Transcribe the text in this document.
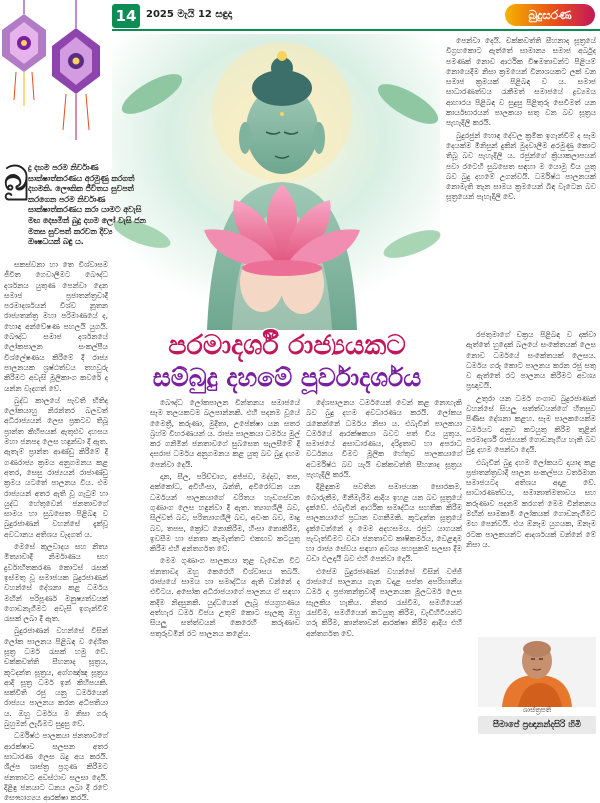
14 2025 මැයි 12 සඳුදා	බුදුසරණ
බු දු දහම පරම නිර්වාණ සාක්ෂාත්කරණය අරමුණු කරගත් දහමකි. ලෞකික ජීවිතය සුවපත් කරගෙන පරම නිර්වාණ සාක්ෂාත්කරණය කරා යාමට අවැසි මඟ දෙසමින් බුදු දහම ලෝ වැසි ජන මනස සුවපත් කරවන දිව්‍ය ඖෂධයක් බඳු ය.

සකස්වනා හා තෙ විශ්වාසම ජීවිත ගෙවාලීමට බෞද්ධ දර්ශනය යුතුණ පෙන්වා දෙන සමාජ ප්‍රජාතන්ත්‍රවාදී පරමාදර්ශයන් විශ්ව නූතන රාජ්‍යතන්ත්‍ර මහා පරිමාණයේ ද, හොඳ අන්වේෂණ පහලයි යුගයි. බෞද්ධ සමාජ දර්ශනයේ ලෝකපාලන සංකල්පීය විශ්ලේෂණය කිරීමේ දී රාජ්‍ය පාලනයක ශ්‍රෂ්ඨත්වය තහවුරු කිරීමට අවැසි මූලිකාංග කවරේ ද යන්න වැදගත් වේ.

බුද්ධ කාලයේ පැවති භිතිද ලෝකයාහු නිරන්තර බලවත් අධිරාජ්‍යයන් ලෙස ප්‍රකටව තිබූ ප්‍රාන්ත කිහිපයක් ඇතුළුව දහසය මහා ජනපද ලෙස හඳුන්වා දී ඇත. ඇතැම් ප්‍රාන්ත ආණ්ඩු කිරීමේ දී ගණරාජ්‍ය ක්‍රමය අනුගමනය කළ අතර, සෙසු රාජ්‍යයන් රාජාණ්ඩු ක්‍රමය යටතේ පාලනය විය. එම රාජ්‍යයන් අතර ඇති වූ ගැටුම් හා යුද්ධ හේතුවෙන් ජනතාවගේ සාමය හා සුබසෙත පිළිබඳ ව බුදුරජාණන් වහන්සේ දැක්වූ අවධානය අතිශය වැදගත් ය.

මෙසේ කුලවාදය සහ නිත්‍ය මිත්‍යාවාදී නිර්මාණය සහ දුර්වාහිතකරණ කොටස් රැසක් ඉස්මතු වූ සමාජයක බුදුරජාණන් වහන්සේ දේශනා කළ ධර්මය මඟින් පරිපූර්ණ මනුෂ්‍යත්වයක් ගොඩනැගීමට අවැසි ඉගැන්වීම් රැසක් ලබා දී ඇත.

බුදුරජාණන් වහන්සේ විසින් ලෝක පාලනය පිළිබඳ ව දේශිත සූත්‍ර ධර්ම රැසක් හමු වේ. චක්කවත්ති සීහනාද සූත්‍රය, කූටදන්ත සූත්‍රය, අග්ගඤ්ඤ සූත්‍රය ආදි සූත්‍ර ධර්ම ඉන් කිහිපයකි. සක්විති රජු යනු ධර්මයෙන් රාජ්‍යය පාලනය කරන අධිපතියා ය. ඔහු ධර්මය ම නිසා ගරු බුහුමන් ලැබීමට සුදුසු වේ.

ධර්මිෂ්ඨ පාලකයා ජනතාවගේ ආරක්ෂාව සලසන අතර සාධාරණ ලෙස බදු අය කරයි. ශිල්ප ශාස්ත්‍ර ප්‍රගුණ කිරීමට ජනතාවට අවස්ථාව සලසා දෙයි. දිළිඳු ජනයාට ධනය ලබා දී රටේ සෞභාග්‍යය ආරක්ෂා කරයි.

පරමාදර්ශී රාජ්‍යයකට
සම්බුදු දහමේ පූර්වාදර්ශය

බෞද්ධ ලෝකපාලන චින්තනය සමාජයේ සෑම තලයකටම බලපාන්නකි. එහි පදනම වූයේ මෛත්‍රී, කරුණා, මුදිතා, උපේක්ෂා යන සතර බ්‍රහ්ම විහරණයන් ය. රාජ්‍ය පාලකයා ධර්මය මුල් කර ගනිමින් ජනතාවගේ සුබසෙත සැලසීමේ දී දසරාජ ධර්මය අනුගමනය කළ යුතු බව බුදු දහම පෙන්වා දෙයි.

දාන, සීල, පරිච්චාග, අජ්ජව, මද්දව, තප, අක්කෝධ, අවිහිංසා, ඛන්ති, අවිරෝධන යන ධර්මයන් පාලකයාගේ චරිතය හැඩගස්වන ගුණාංග ලෙස හඳුන්වා දී ඇත. ත්‍යාගශීලී බව, සිල්වත් බව, පරිත්‍යාගශීලී බව, අවංක බව, මෘදු බව, තපස, ක්‍රෝධ නොකිරීම, හිංසා නොකිරීම, ඉවසීම හා ජනතා කැමැත්තට එකඟව කටයුතු කිරීම එහි අන්තර්ගත වේ.

මෙම ගුණාංග පාලකයා තුළ වැඩෙන විට ජනතාවද ඔහු කෙරෙහි විශ්වාසය තබයි. රාජ්‍යයේ සාමය හා සමෘද්ධිය ඇති වන්නේ ද එවිටය. අසෝක අධිරාජයාගේ පාලනය ඒ සඳහා කදිම නිදසුනකි. යුද්ධයෙන් ලැබූ ජයග්‍රහණය අත්හැර ධර්ම විජය උතුම් කොට සැලකූ ඔහු සියලු සත්ත්වයන් කෙරෙහි කරුණාව පතුරුවමින් රට පාලනය කළේය.

දේශපාලනය ධර්මයෙන් වෙන් කළ නොහැකි බව බුදු දහම අවධාරණය කරයි. ලෝකය රැකෙන්නේ ධර්මය නිසා ය. එබැවින් පාලකයා ධර්මයේ ආරක්ෂකයා බවට පත් විය යුතුය. සමාජයේ අසාධාරණය, දරිද්‍රතාව හා අපරාධ වර්ධනය වීමට මූලික හේතුව පාලකයාගේ අධර්මිෂ්ඨ බව යැයි චක්කවත්ති සීහනාද සූත්‍රය පැහැදිලි කරයි.

දිළිඳුකම පවතින සමාජයක සොරකම, බොරුකීම, මිනීමැරීම ආදිය ඉහළ යන බව සූත්‍රයේ දැක්වේ. එබැවින් ආර්ථික සමෘද්ධිය සහතික කිරීම පාලකයාගේ ප්‍රධාන වගකීමකි. කූටදන්ත සූත්‍රයේ දැක්වෙන්නේ ද මෙම අදහසමය. රජුට යාගයක් පැවැත්වීමට වඩා ජනතාවට කෘෂිකර්මය, වෙළඳාම හා රාජ්‍ය සේවය සඳහා අවශ්‍ය පහසුකම් සලසා දීම වඩා ඵලදායී බව එහි පෙන්වා දෙයි.

එසේම බුදුරජාණන් වහන්සේ විසින් වජ්ජි රාජ්‍යයේ පාලනය ගැන වදාළ සප්ත අපරිහානීය ධර්ම ද ප්‍රජාතන්ත්‍රවාදී පාලනයක මූලධර්ම ලෙස සැලකිය හැකිය. නිතර රැස්වීම, සමගියෙන් රැස්වීම, සමගියෙන් කටයුතු කිරීම, වැඩිහිටියන්ට ගරු කිරීම, කාන්තාවන් ආරක්ෂා කිරීම ආදිය එහි අන්තර්ගත වේ.

පෙන්වා දෙයි. චක්කවත්ති සීහනාද සූත්‍රයේ විග්‍රහකොට ඇත්තේ සාමාන්‍ය සමාජ අර්බුද පමණක් නොව ආර්ථික විෂමතාවන්ට පිළියම් නොයෙදීම නිසා ක්‍රමයෙන් විනාශයකට ලක් වන සමාජ ක්‍රමයක් පිළිබඳ ව ය. සමාජ සාධාරණත්වය රැකීමත් සමාජයේ ද්‍රව්‍යමය ආහාරය පිළිබඳ ව සුදුසු පිළිතුරු සෙවීමත් යන කාර්යභාරයන් පාලකයා සතු වන බව සූත්‍රය පැහැදිලි කරයි.

බුදුරජුන් හොඳ දේවල ක්‍රමික ඉගැන්වීම් ද සෑම දෙයක්ම මිනිසුන් දුකින් මුදවාලීම අරමුණු කොට තිබූ බව පැහැදිලි ය. රජුන්ගේ ක්‍රියාකලාපයන් පවා රටෙහි සුබසෙත සඳහා ම යොමු විය යුතු බව බුදු දහමේ උගන්වයි. ධර්මිෂ්ඨ පාලනයක් නොමැති තැන සාමය ක්‍රමයෙන් බිඳ වැටෙන බව සූත්‍රයෙන් පැහැදිලි වේ.

රජතුමාගේ චක්‍රය පිළිබඳ ව දක්වා ඇත්තේ හුදෙක් බලයේ සංකේතයක් ලෙස නොව ධර්මයේ සංකේතයක් ලෙසය. ධර්මය ගරු කොට පාලනය කරන රජු සතු ව ඇත්තේ රට පාලනය කිරීමට අවශ්‍ය ප්‍රඥාවයි.

උතුරා යන ධර්ම ගංගාව බුදුරජාණන් වහන්සේ සියලු සත්ත්වයන්ගේ හිතසුව පිණිස දේශනා කළහ. සෑම පාලකයෙක්ම ධර්මයට අනුව කටයුතු කිරීම තුළින් පරමාදර්ශී රාජ්‍යයක් ගොඩනැගිය හැකි බව බුදු දහම පෙන්වා දෙයි.

එබැවින් බුදු දහම ලෝකයට දායාද කළ ප්‍රජාතන්ත්‍රවාදී පාලන සංකල්පය වර්තමාන සමාජයටද අතිශය අදාළ වේ. සාධාරණත්වය, සමානාත්මතාවය සහ කරුණාව පදනම් කරගත් මෙම චින්තනය මඟින් සාමකාමී ලෝකයක් ගොඩනැගීමට මඟ පෙන්වයි. එය ඕනෑම යුගයක, ඕනෑම රටක පාලකයන්ට ආදර්ශයක් වන්නේ මේ නිසා ය.

ශාස්ත්‍රපති
සීමාපේ ප්‍රඥානන්දසිරි හිමි
